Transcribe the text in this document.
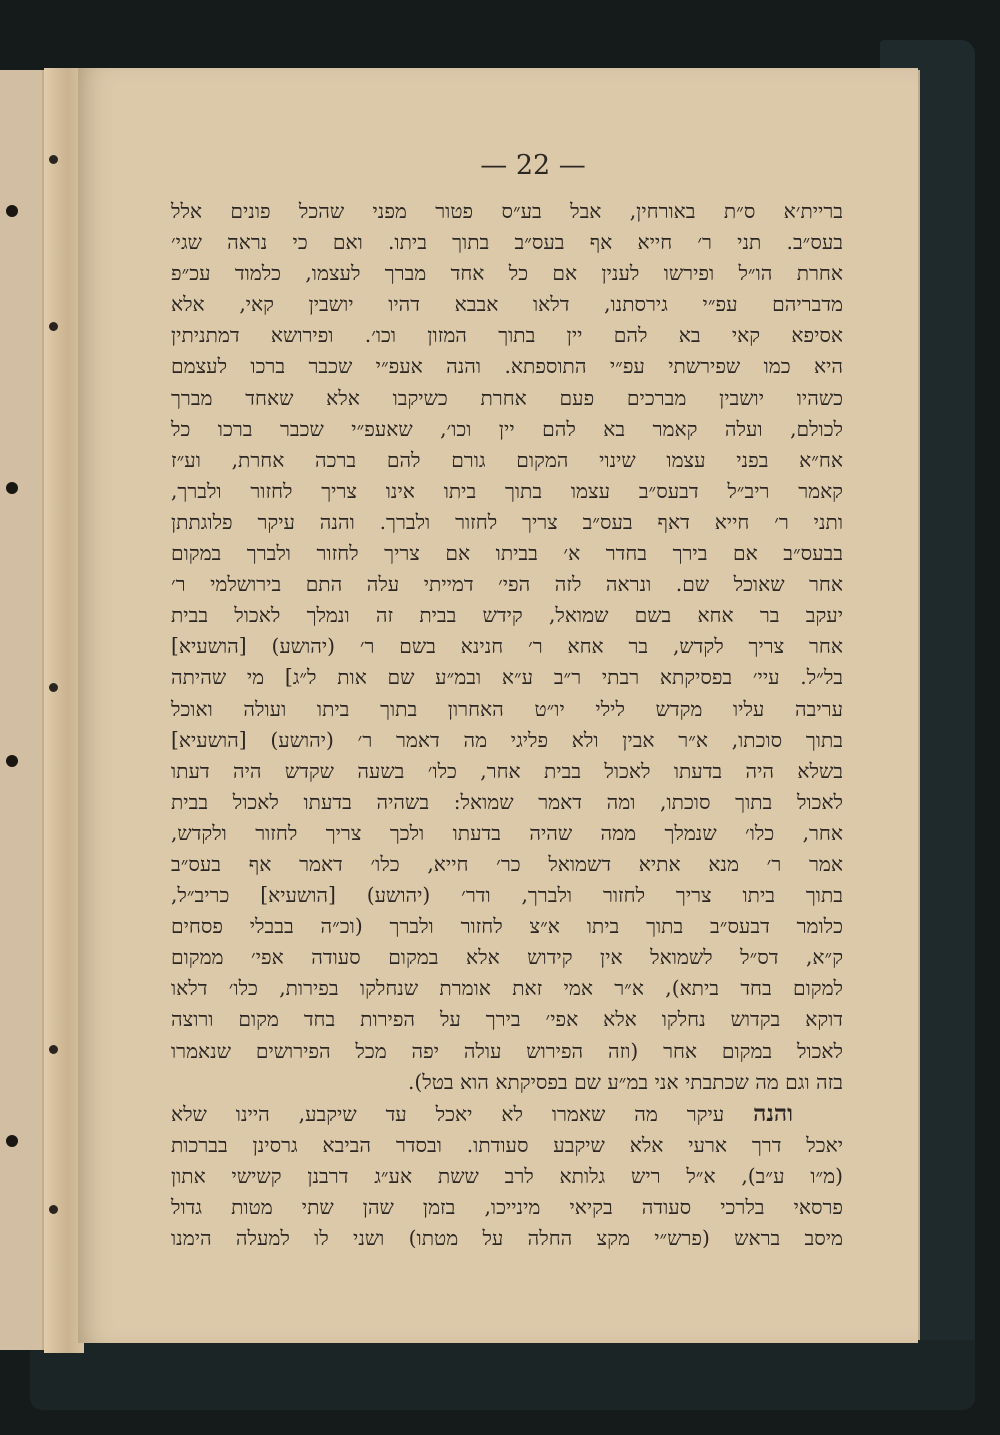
— 22 —
בריית׳א ס״ת באורחין, אבל בע״ס פטור מפני שהכל פונים אלל
בעס״ב. תני ר׳ חייא אף בעס״ב בתוך ביתו. ואם כי נראה שגי׳
אחרת הו״ל ופירשו לענין אם כל אחד מברך לעצמו, כלמוד עכ״פ
מדבריהם עפ״י גירסתנו, דלאו אבבא דהיו יושבין קאי, אלא
אסיפא קאי בא להם יין בתוך המזון וכו׳. ופירושא דמתניתין
היא כמו שפירשתי עפ״י התוספתא. והנה אעפ״י שכבר ברכו לעצמם
כשהיו יושבין מברכים פעם אחרת כשיקבו אלא שאחד מברך
לכולם, ועלה קאמר בא להם יין וכו׳, שאעפ״י שכבר ברכו כל
אח״א בפני עצמו שינוי המקום גורם להם ברכה אחרת, וע״ז
קאמר ריב״ל דבעס״ב עצמו בתוך ביתו אינו צריך לחזור ולברך,
ותני ר׳ חייא דאף בעס״ב צריך לחזור ולברך. והנה עיקר פלוגתתן
בבעס״ב אם בירך בחדר א׳ בביתו אם צריך לחזור ולברך במקום
אחר שאוכל שם. ונראה לזה הפי׳ דמייתי עלה התם בירושלמי ר׳
יעקב בר אחא בשם שמואל, קידש בבית זה ונמלך לאכול בבית
אחר צריך לקדש, בר אחא ר׳ חנינא בשם ר׳ (יהושע) [הושעיא]
בל״ל. עיי׳ בפסיקתא רבתי ר״ב ע״א ובמ״ע שם אות ל״ג] מי שהיתה
עריבה עליו מקדש לילי יו״ט האחרון בתוך ביתו ועולה ואוכל
בתוך סוכתו, א״ר אבין ולא פליגי מה דאמר ר׳ (יהושע) [הושעיא]
בשלא היה בדעתו לאכול בבית אחר, כלו׳ בשעה שקדש היה דעתו
לאכול בתוך סוכתו, ומה דאמר שמואל: בשהיה בדעתו לאכול בבית
אחר, כלו׳ שנמלך ממה שהיה בדעתו ולכך צריך לחזור ולקדש,
אמר ר׳ מנא אתיא דשמואל כר׳ חייא, כלו׳ דאמר אף בעס״ב
בתוך ביתו צריך לחזור ולברך, ודר׳ (יהושע) [הושעיא] כריב״ל,
כלומר דבעס״ב בתוך ביתו א״צ לחזור ולברך (וכ״ה בבבלי פסחים
ק״א, דס״ל לשמואל אין קידוש אלא במקום סעודה אפי׳ ממקום
למקום בחד ביתא), א״ר אמי זאת אומרת שנחלקו בפירות, כלו׳ דלאו
דוקא בקדוש נחלקו אלא אפי׳ בירך על הפירות בחד מקום ורוצה
לאכול במקום אחר (וזה הפירוש עולה יפה מכל הפירושים שנאמרו
בזה וגם מה שכתבתי אני במ״ע שם בפסיקתא הוא בטל).
והנה עיקר מה שאמרו לא יאכל עד שיקבע, היינו שלא
יאכל דרך ארעי אלא שיקבע סעודתו. ובסדר הביבא גרסינן בברכות
(מ״ו ע״ב), א״ל ריש גלותא לרב ששת אע״ג דרבנן קשישי אתון
פרסאי בלרכי סעודה בקיאי מינייכו, בזמן שהן שתי מטות גדול
מיסב בראש (פרש״י מקצ החלה על מטתו) ושני לו למעלה הימנו
